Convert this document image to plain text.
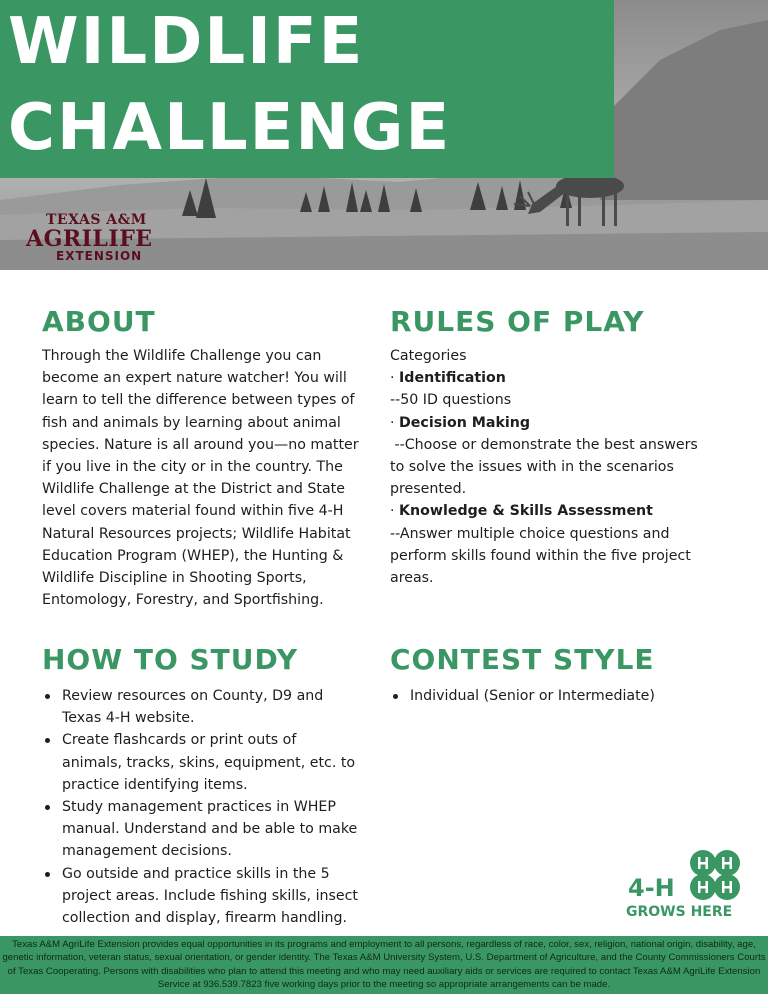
WILDLIFE
CHALLENGE
TEXAS A&M
AGRILIFE
EXTENSION
ABOUT

Through the Wildlife Challenge you can become an expert nature watcher! You will learn to tell the difference between types of fish and animals by learning about animal species. Nature is all around you—no matter if you live in the city or in the country. The Wildlife Challenge at the District and State level covers material found within five 4-H Natural Resources projects; Wildlife Habitat Education Program (WHEP), the Hunting & Wildlife Discipline in Shooting Sports, Entomology, Forestry, and Sportfishing.

RULES OF PLAY

Categories

· Identification

--50 ID questions

· Decision Making

--Choose or demonstrate the best answers to solve the issues with in the scenarios presented.

· Knowledge & Skills Assessment

--Answer multiple choice questions and perform skills found within the five project areas.

HOW TO STUDY
Review resources on County, D9 and Texas 4-H website.
Create flashcards or print outs of animals, tracks, skins, equipment, etc. to practice identifying items.
Study management practices in WHEP manual. Understand and be able to make management decisions.
Go outside and practice skills in the 5 project areas. Include fishing skills, insect collection and display, firearm handling.
CONTEST STYLE
Individual (Senior or Intermediate)
4-H
GROWS HERE
Texas A&M AgriLife Extension provides equal opportunities in its programs and employment to all persons, regardless of race, color, sex, religion, national origin, disability, age, genetic information, veteran status, sexual orientation, or gender identity. The Texas A&M University System, U.S. Department of Agriculture, and the County Commissioners Courts of Texas Cooperating. Persons with disabilities who plan to attend this meeting and who may need auxiliary aids or services are required to contact Texas A&M AgriLife Extension Service at 936.539.7823 five working days prior to the meeting so appropriate arrangements can be made.
